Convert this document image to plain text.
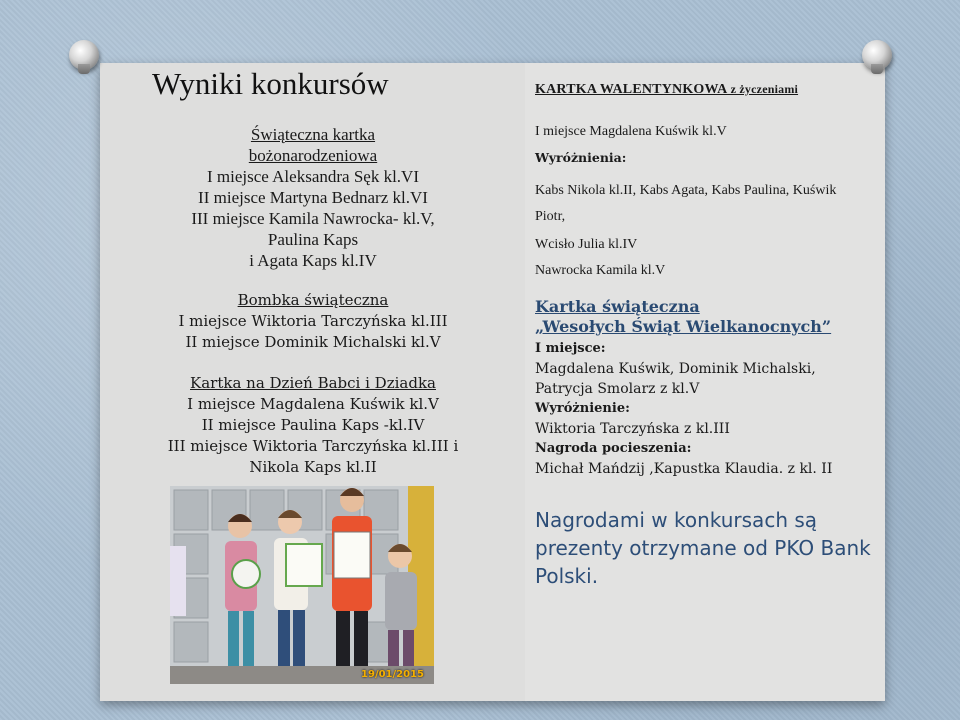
Wyniki konkursów
Świąteczna kartka
bożonarodzeniowa
I miejsce Aleksandra Sęk kl.VI
II miejsce Martyna Bednarz kl.VI
III miejsce Kamila Nawrocka- kl.V,
Paulina Kaps
i Agata Kaps kl.IV
Bombka świąteczna
I miejsce Wiktoria Tarczyńska kl.III
II miejsce Dominik Michalski kl.V
Kartka na Dzień Babci i Dziadka
I miejsce Magdalena Kuświk kl.V
II miejsce Paulina Kaps -kl.IV
III miejsce Wiktoria Tarczyńska kl.III i
Nikola Kaps kl.II
19/01/2015
KARTKA WALENTYNKOWA z życzeniami
I miejsce Magdalena Kuświk kl.V
Wyróżnienia:
Kabs Nikola kl.II, Kabs Agata, Kabs Paulina, Kuświk
Piotr,
Wcisło Julia kl.IV
Nawrocka Kamila kl.V
Kartka świąteczna
„Wesołych Świąt Wielkanocnych”
I miejsce:
Magdalena Kuświk, Dominik Michalski,
Patrycja Smolarz z kl.V
Wyróżnienie:
Wiktoria Tarczyńska z kl.III
Nagroda pocieszenia:
Michał Mańdzij ,Kapustka Klaudia. z kl. II
Nagrodami w konkursach są prezenty otrzymane od PKO Bank Polski.
